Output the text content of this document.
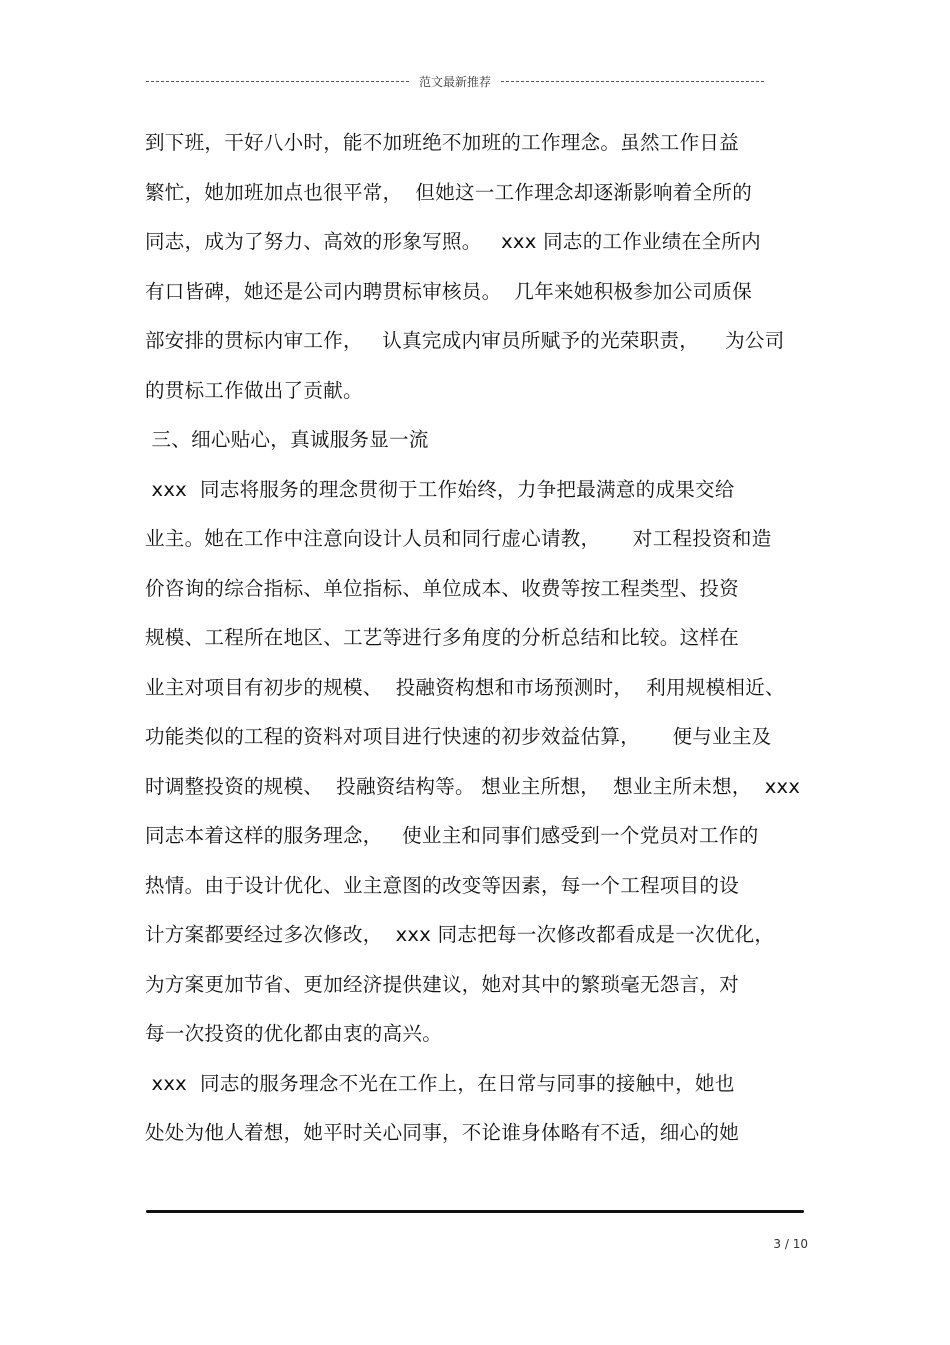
范文最新推荐
到下班，干好八小时，能不加班绝不加班的工作理念。虽然工作日益
繁忙，她加班加点也很平常，  但她这一工作理念却逐渐影响着全所的
同志，成为了努力、高效的形象写照。   xxx 同志的工作业绩在全所内
有口皆碑，她还是公司内聘贯标审核员。  几年来她积极参加公司质保
部安排的贯标内审工作，   认真完成内审员所赋予的光荣职责，    为公司
的贯标工作做出了贡献。
三、细心贴心，真诚服务显一流
xxx  同志将服务的理念贯彻于工作始终，力争把最满意的成果交给
业主。她在工作中注意向设计人员和同行虚心请教，     对工程投资和造
价咨询的综合指标、单位指标、单位成本、收费等按工程类型、投资
规模、工程所在地区、工艺等进行多角度的分析总结和比较。这样在
业主对项目有初步的规模、  投融资构想和市场预测时，  利用规模相近、
功能类似的工程的资料对项目进行快速的初步效益估算，     便与业主及
时调整投资的规模、  投融资结构等。 想业主所想，  想业主所未想，  xxx
同志本着这样的服务理念，   使业主和同事们感受到一个党员对工作的
热情。由于设计优化、业主意图的改变等因素，每一个工程项目的设
计方案都要经过多次修改，  xxx 同志把每一次修改都看成是一次优化，
为方案更加节省、更加经济提供建议，她对其中的繁琐毫无怨言，对
每一次投资的优化都由衷的高兴。
xxx  同志的服务理念不光在工作上，在日常与同事的接触中，她也
处处为他人着想，她平时关心同事，不论谁身体略有不适，细心的她
3 / 10
